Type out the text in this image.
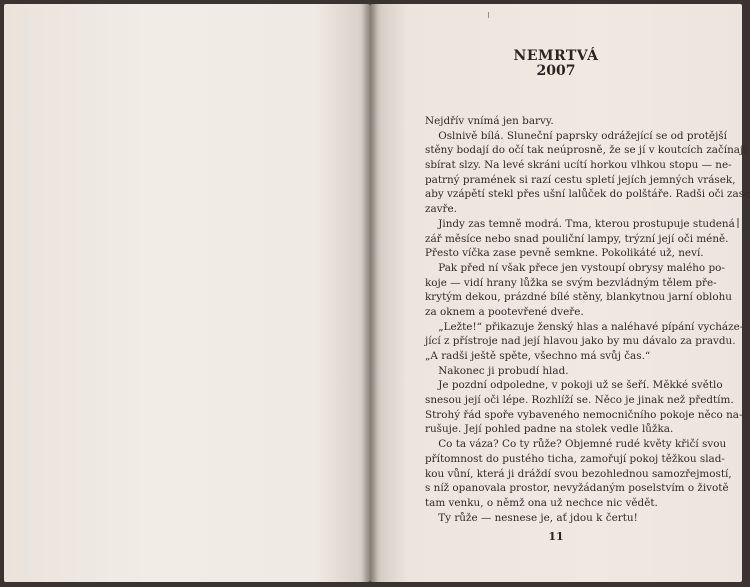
NEMRTVÁ
2007
Nejdřív vnímá jen barvy.
Oslnivě bílá. Sluneční paprsky odrážející se od protější
stěny bodají do očí tak neúprosně, že se jí v koutcích začínají
sbírat slzy. Na levé skráni ucítí horkou vlhkou stopu — ne-
patrný pramének si razí cestu spletí jejích jemných vrásek,
aby vzápětí stekl přes ušní lalůček do polštáře. Radši oči zase
zavře.
Jindy zas temně modrá. Tma, kterou prostupuje studená
zář měsíce nebo snad pouliční lampy, trýzní její oči méně.
Přesto víčka zase pevně semkne. Pokolikáté už, neví.
Pak před ní však přece jen vystoupí obrysy malého po-
koje — vidí hrany lůžka se svým bezvládným tělem pře-
krytým dekou, prázdné bílé stěny, blankytnou jarní oblohu
za oknem a pootevřené dveře.
„Ležte!“ přikazuje ženský hlas a naléhavé pípání vycháze-
jící z přístroje nad její hlavou jako by mu dávalo za pravdu.
„A radši ještě spěte, všechno má svůj čas.“
Nakonec ji probudí hlad.
Je pozdní odpoledne, v pokoji už se šeří. Měkké světlo
snesou její oči lépe. Rozhlíží se. Něco je jinak než předtím.
Strohý řád spoře vybaveného nemocničního pokoje něco na-
rušuje. Její pohled padne na stolek vedle lůžka.
Co ta váza? Co ty růže? Objemné rudé květy křičí svou
přítomnost do pustého ticha, zamořují pokoj těžkou slad-
kou vůní, která ji dráždí svou bezohlednou samozřejmostí,
s níž opanovala prostor, nevyžádaným poselstvím o životě
tam venku, o němž ona už nechce nic vědět.
Ty růže — nesnese je, ať jdou k čertu!
11
